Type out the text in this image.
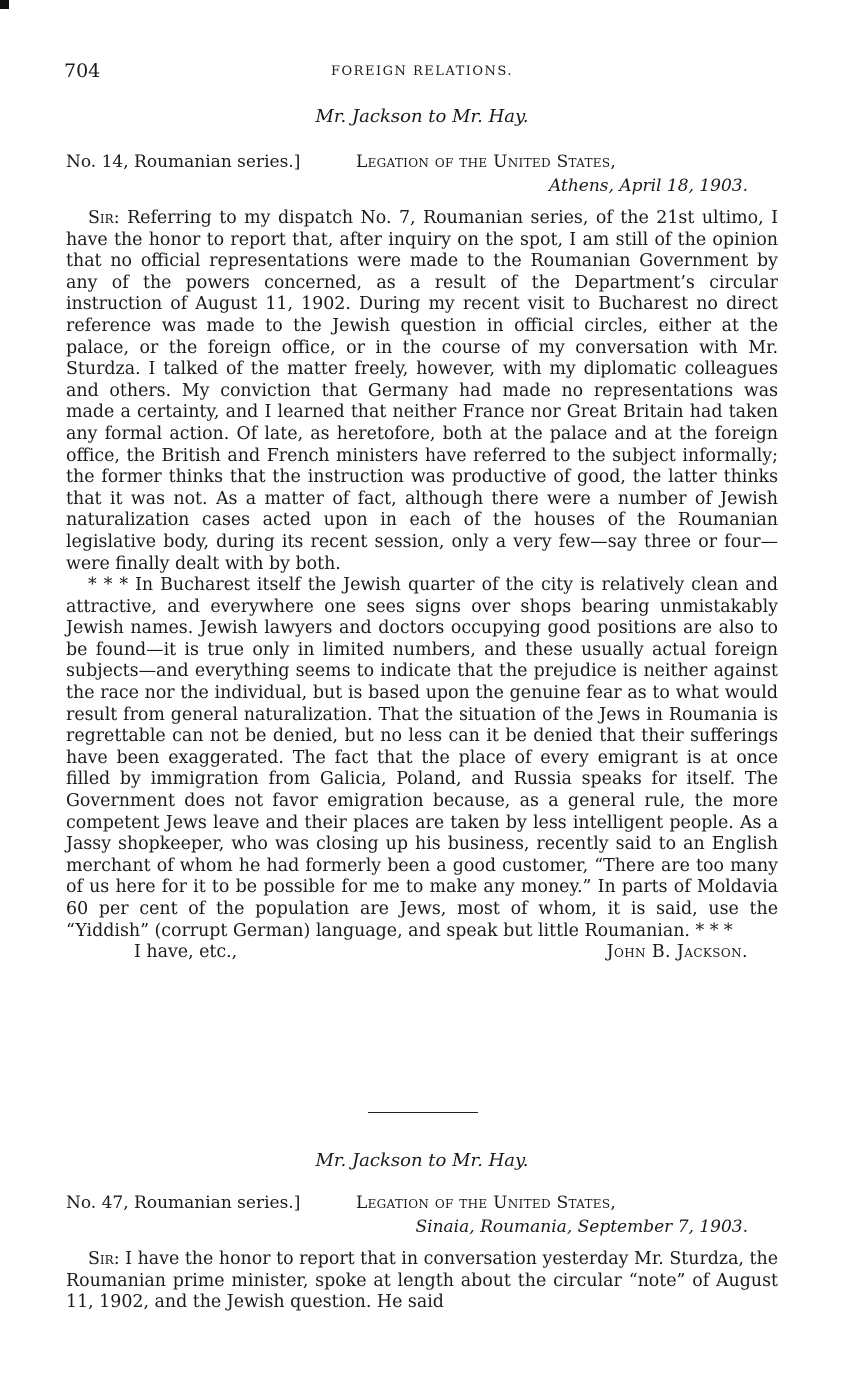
704	FOREIGN RELATIONS.

Mr. Jackson to Mr. Hay.

No. 14, Roumanian series.]	Legation of the United States,
Athens, April 18, 1903.

Sir: Referring to my dispatch No. 7, Roumanian series, of the 21st ultimo, I have the honor to report that, after inquiry on the spot, I am still of the opinion that no official representations were made to the Roumanian Government by any of the powers concerned, as a result of the Department’s circular instruction of August 11, 1902. During my recent visit to Bucharest no direct reference was made to the Jewish question in official circles, either at the palace, or the foreign office, or in the course of my conversation with Mr. Sturdza. I talked of the matter freely, however, with my diplomatic colleagues and others. My conviction that Germany had made no representations was made a certainty, and I learned that neither France nor Great Britain had taken any formal action. Of late, as heretofore, both at the palace and at the foreign office, the British and French ministers have referred to the subject informally; the former thinks that the instruction was productive of good, the latter thinks that it was not. As a matter of fact, although there were a number of Jewish naturalization cases acted upon in each of the houses of the Roumanian legislative body, during its recent session, only a very few—say three or four—were finally dealt with by both.

* * * In Bucharest itself the Jewish quarter of the city is relatively clean and attractive, and everywhere one sees signs over shops bearing unmistakably Jewish names. Jewish lawyers and doctors occupying good positions are also to be found—it is true only in limited numbers, and these usually actual foreign subjects—and everything seems to indicate that the prejudice is neither against the race nor the individual, but is based upon the genuine fear as to what would result from general naturalization. That the situation of the Jews in Roumania is regrettable can not be denied, but no less can it be denied that their sufferings have been exaggerated. The fact that the place of every emigrant is at once filled by immigration from Galicia, Poland, and Russia speaks for itself. The Government does not favor emigration because, as a general rule, the more competent Jews leave and their places are taken by less intelligent people. As a Jassy shopkeeper, who was closing up his business, recently said to an English merchant of whom he had formerly been a good customer, “There are too many of us here for it to be possible for me to make any money.” In parts of Moldavia 60 per cent of the population are Jews, most of whom, it is said, use the “Yiddish” (corrupt German) language, and speak but little Roumanian. * * *

I have, etc.,	John B. Jackson.

Mr. Jackson to Mr. Hay.

No. 47, Roumanian series.]	Legation of the United States,
Sinaia, Roumania, September 7, 1903.

Sir: I have the honor to report that in conversation yesterday Mr. Sturdza, the Roumanian prime minister, spoke at length about the circular “note” of August 11, 1902, and the Jewish question. He said
